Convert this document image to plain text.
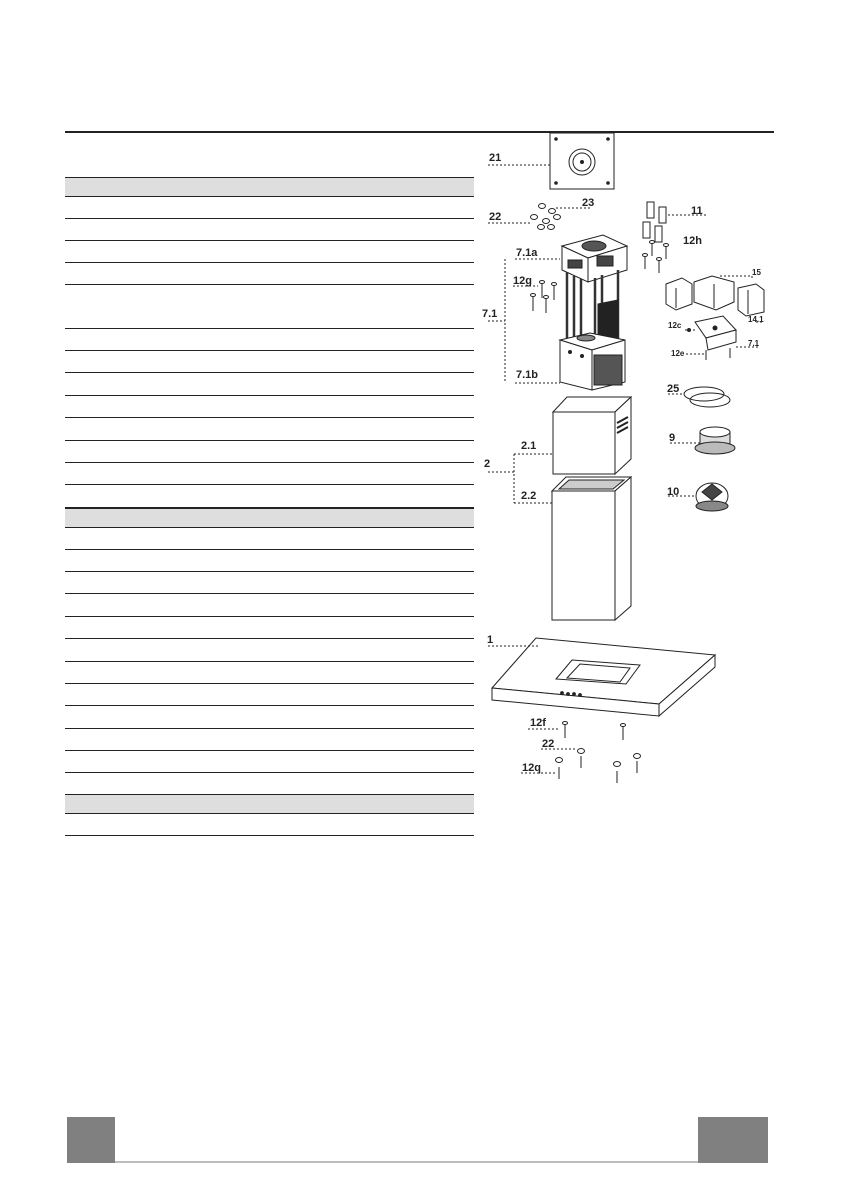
21
23
22	11
12h
7.1a
12g
7.1
7.1b
15
14.1
12c
12e
7.1
25
9
10
2.1
2
2.2
1
12f
22
12q
